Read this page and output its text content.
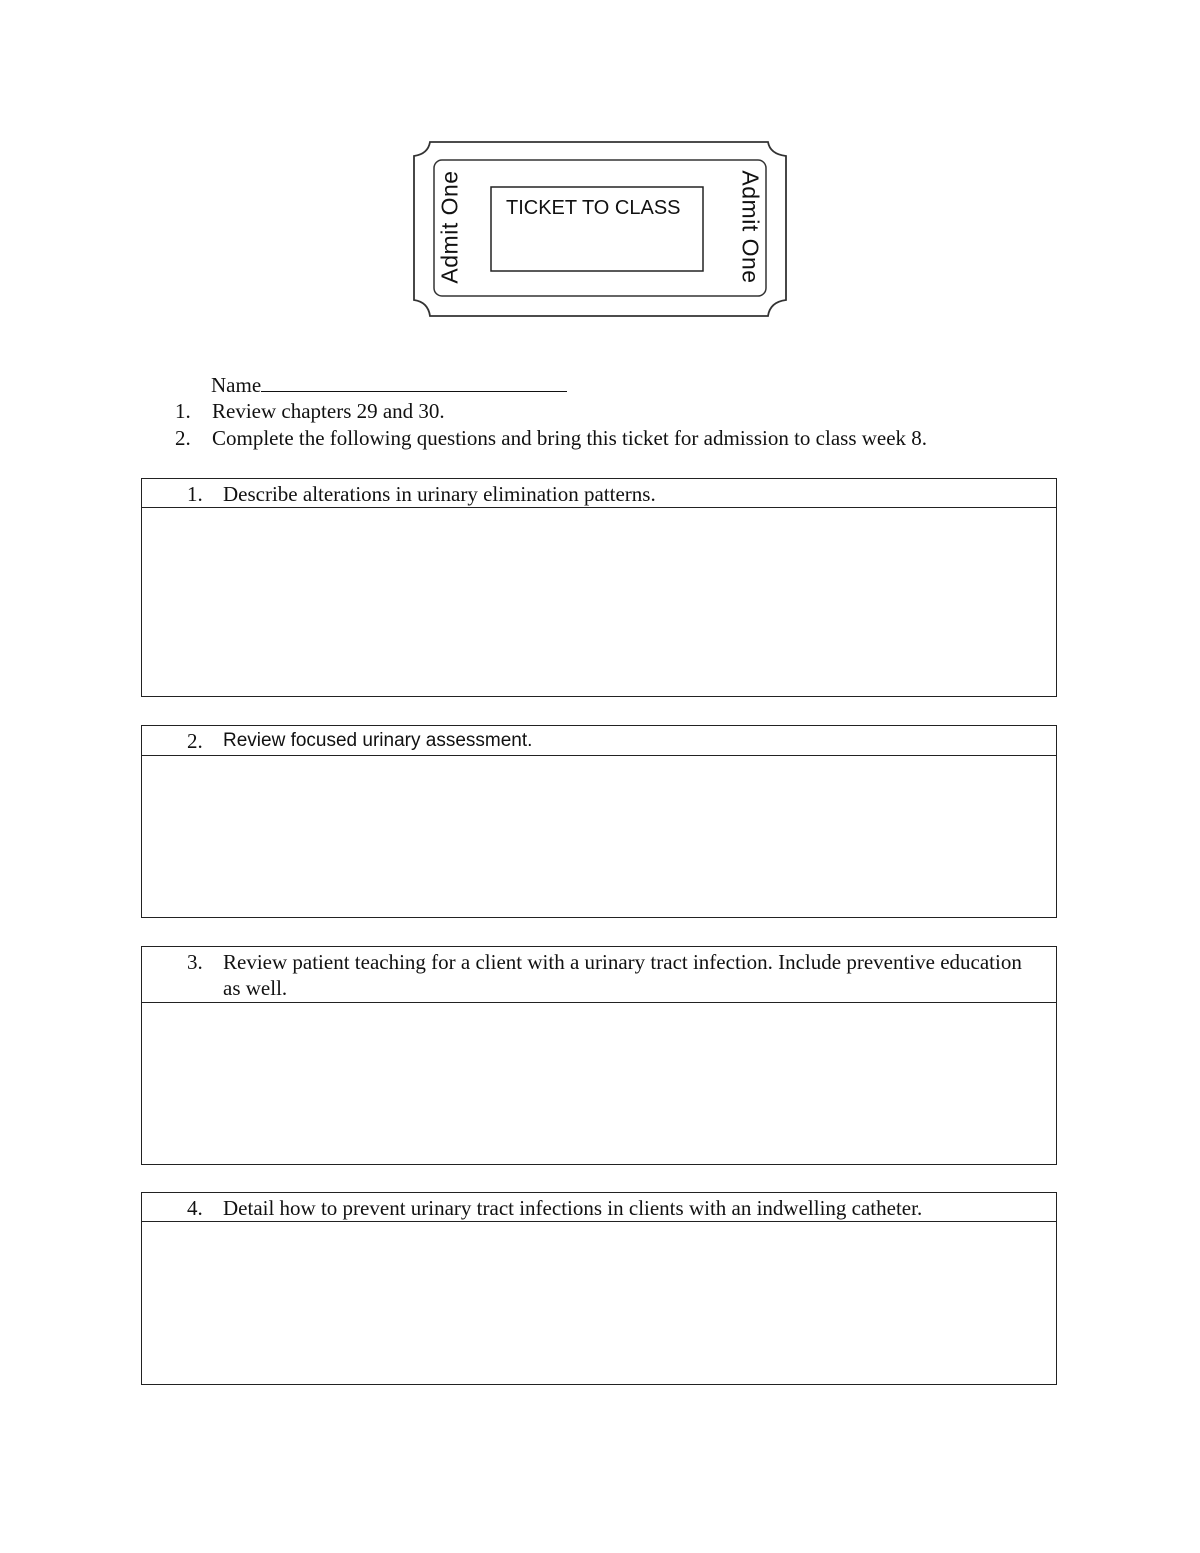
Admit One	Admit One
TICKET TO CLASS
Name
1. Review chapters 29 and 30.
2. Complete the following questions and bring this ticket for admission to class week 8.
1. Describe alterations in urinary elimination patterns.
2.	Review focused urinary assessment.
3. Review patient teaching for a client with a urinary tract infection. Include preventive education as well.
4. Detail how to prevent urinary tract infections in clients with an indwelling catheter.
